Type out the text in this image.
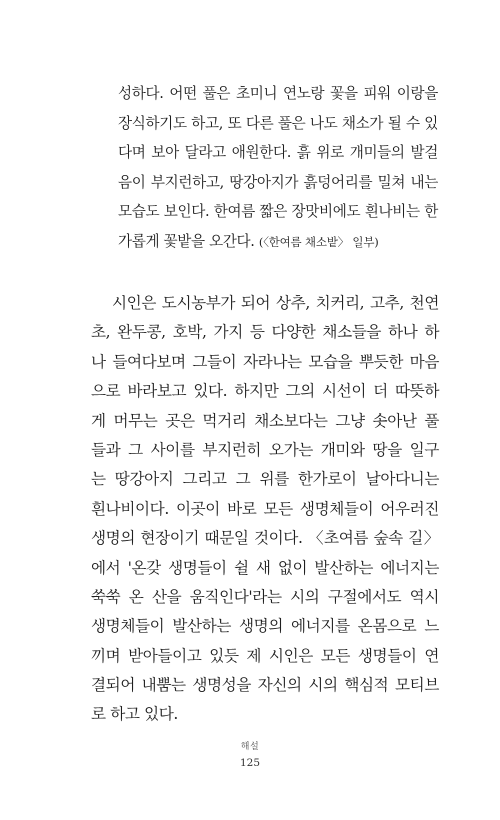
성하다. 어떤 풀은 초미니 연노랑 꽃을 피워 이랑을
장식하기도 하고, 또 다른 풀은 나도 채소가 될 수 있
다며 보아 달라고 애원한다. 흙 위로 개미들의 발걸
음이 부지런하고, 땅강아지가 흙덩어리를 밀쳐 내는
모습도 보인다. 한여름 짧은 장맛비에도 흰나비는 한
가롭게 꽃밭을 오간다. (〈한여름 채소밭〉 일부)
시인은 도시농부가 되어 상추, 치커리, 고추, 천연
초, 완두콩, 호박, 가지 등 다양한 채소들을 하나 하
나 들여다보며 그들이 자라나는 모습을 뿌듯한 마음
으로 바라보고 있다. 하지만 그의 시선이 더 따뜻하
게 머무는 곳은 먹거리 채소보다는 그냥 솟아난 풀
들과 그 사이를 부지런히 오가는 개미와 땅을 일구
는 땅강아지 그리고 그 위를 한가로이 날아다니는
흰나비이다. 이곳이 바로 모든 생명체들이 어우러진
생명의 현장이기 때문일 것이다. 〈초여름 숲속 길〉
에서 '온갖 생명들이 쉴 새 없이 발산하는 에너지는
쑥쑥 온 산을 움직인다'라는 시의 구절에서도 역시
생명체들이 발산하는 생명의 에너지를 온몸으로 느
끼며 받아들이고 있듯 제 시인은 모든 생명들이 연
결되어 내뿜는 생명성을 자신의 시의 핵심적 모티브
로 하고 있다.
해설
125
